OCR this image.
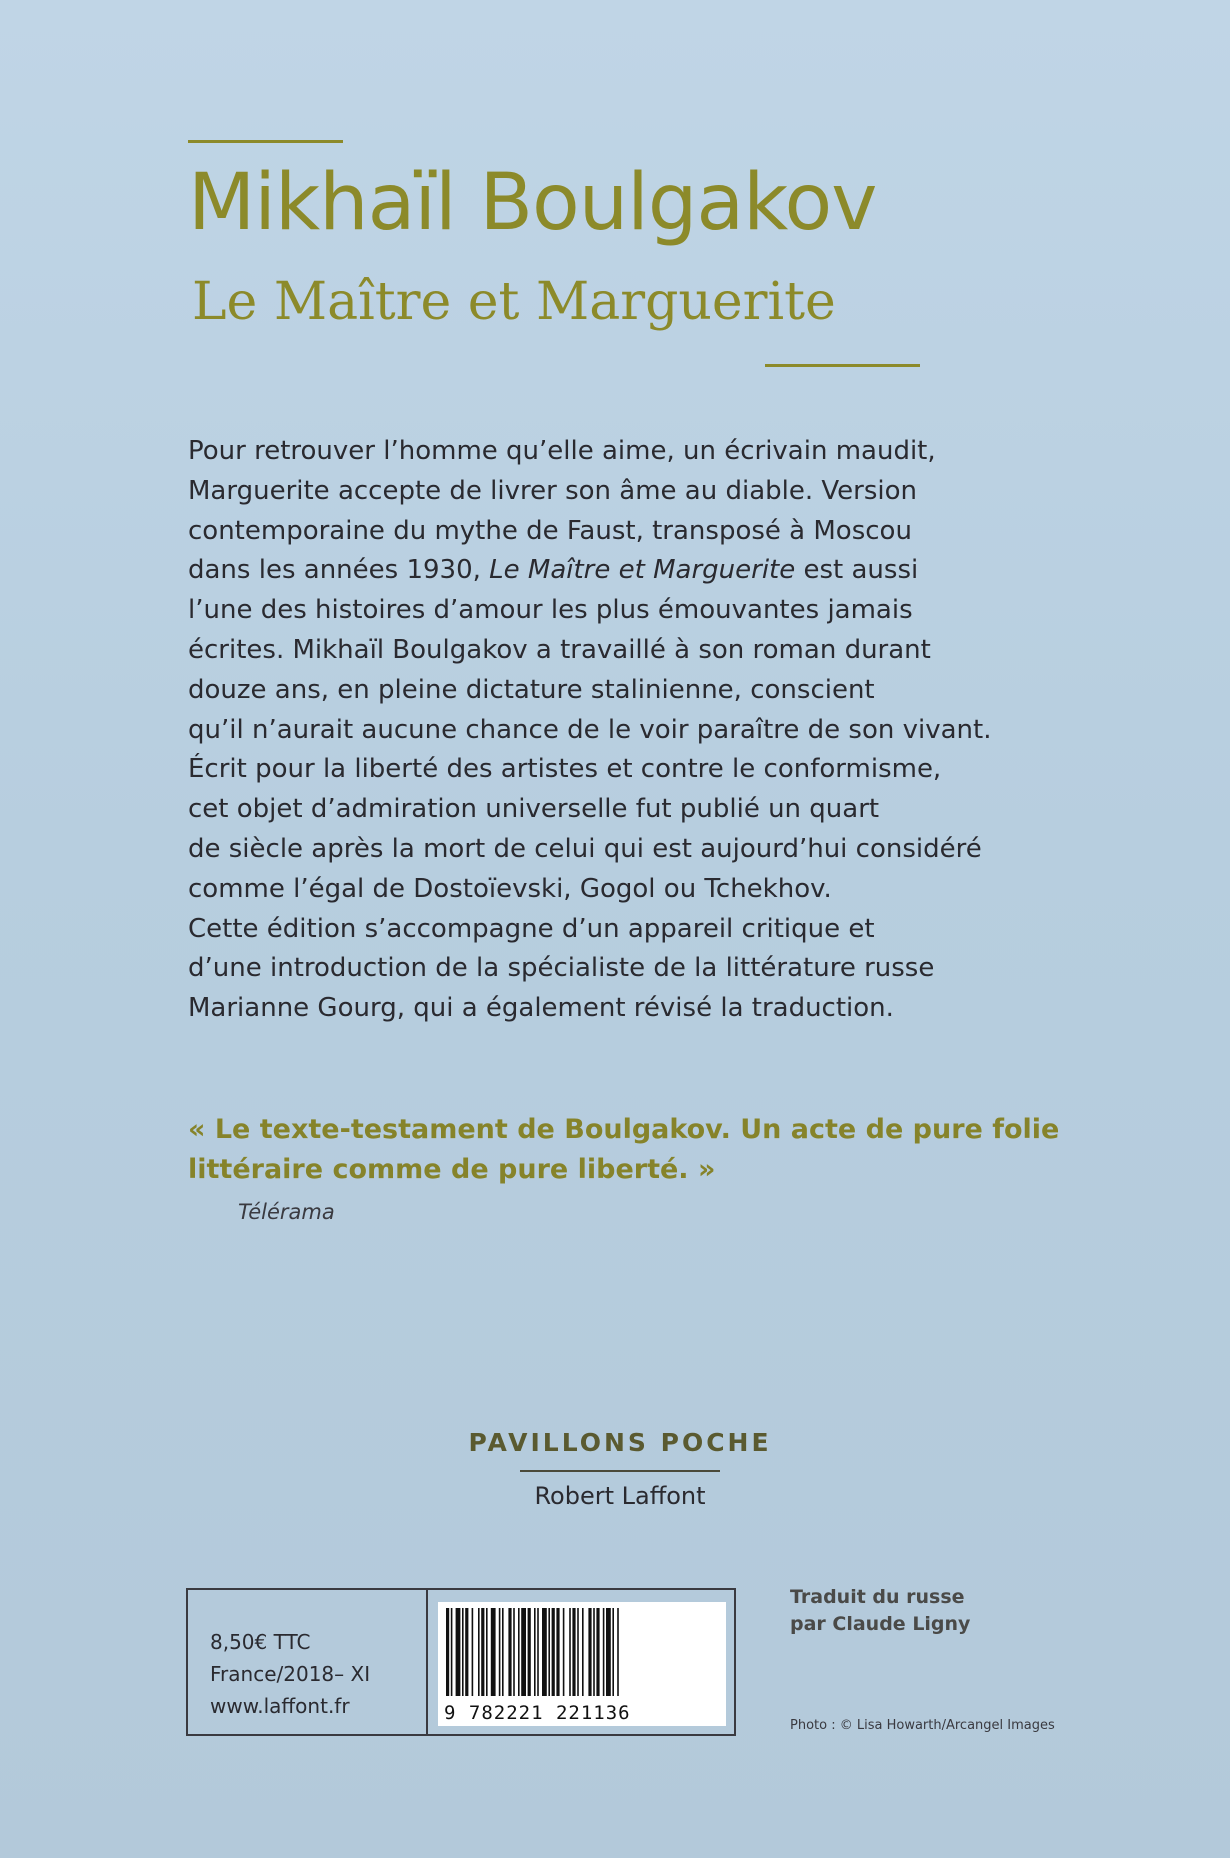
Mikhaïl Boulgakov
Le Maître et Marguerite
Pour retrouver l’homme qu’elle aime, un écrivain maudit,
Marguerite accepte de livrer son âme au diable. Version
contemporaine du mythe de Faust, transposé à Moscou
dans les années 1930, Le Maître et Marguerite est aussi
l’une des histoires d’amour les plus émouvantes jamais
écrites. Mikhaïl Boulgakov a travaillé à son roman durant
douze ans, en pleine dictature stalinienne, conscient
qu’il n’aurait aucune chance de le voir paraître de son vivant.
Écrit pour la liberté des artistes et contre le conformisme,
cet objet d’admiration universelle fut publié un quart
de siècle après la mort de celui qui est aujourd’hui considéré
comme l’égal de Dostoïevski, Gogol ou Tchekhov.
Cette édition s’accompagne d’un appareil critique et
d’une introduction de la spécialiste de la littérature russe
Marianne Gourg, qui a également révisé la traduction.
« Le texte-testament de Boulgakov. Un acte de pure folie
littéraire comme de pure liberté. »
Télérama
PAVILLONS POCHE
Robert Laffont
8,50€ TTC
France/2018– XI
www.laffont.fr	9 782221 221136
Traduit du russe
par Claude Ligny
Photo : © Lisa Howarth/Arcangel Images
